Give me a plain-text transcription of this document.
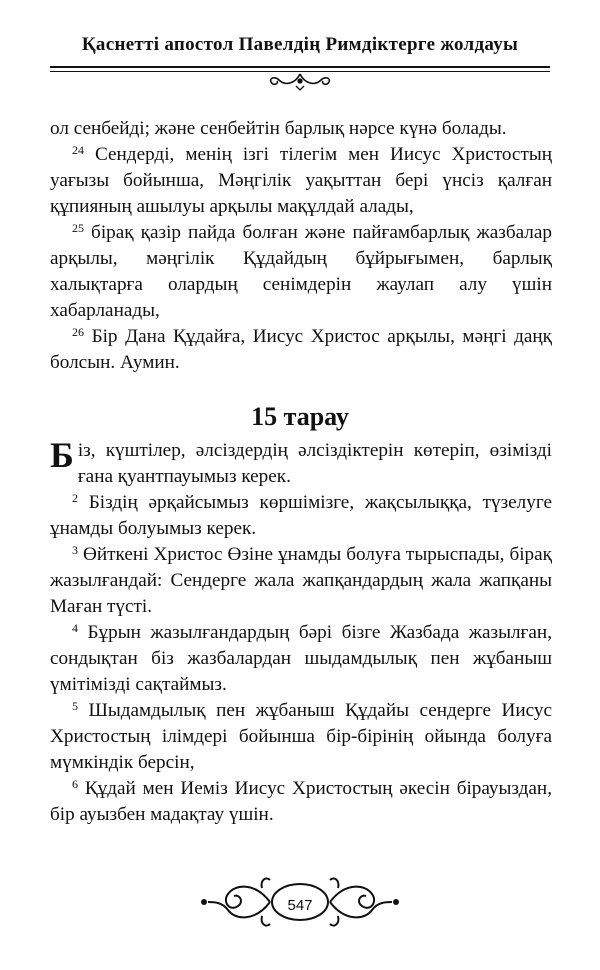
Қаснетті апостол Павелдің Римдіктерге жолдауы

ол сенбейді; және сенбейтін барлық нәрсе күнә болады.

$^{24}$ Сендерді, менің ізгі тілегім мен Иисус Христостың уағызы бойынша, Мәңгілік уақыттан бері үнсіз қалған құпияның ашылуы арқылы мақұлдай алады,

$^{25}$ бірақ қазір пайда болған және пайғамбарлық жазбалар арқылы, мәңгілік Құдайдың бұйрығымен, барлық халықтарға олардың сенімдерін жаулап алу үшін хабарланады,

$^{26}$ Бір Дана Құдайға, Иисус Христос арқылы, мәңгі даңқ болсын. Аумин.

15 тарау

Біз, күштілер, әлсіздердің әлсіздіктерін көтеріп, өзімізді ғана қуантпауымыз керек.

$^2$ Біздің әрқайсымыз көршімізге, жақсылыққа, түзелуге ұнамды болуымыз керек.

$^3$ Өйткені Христос Өзіне ұнамды болуға тырыспады, бірақ жазылғандай: Сендерге жала жапқандардың жала жапқаны Маған түсті.

$^4$ Бұрын жазылғандардың бәрі бізге Жазбада жазылған, сондықтан біз жазбалардан шыдамдылық пен жұбаныш үмітімізді сақтаймыз.

$^5$ Шыдамдылық пен жұбаныш Құдайы сендерге Иисус Христостың ілімдері бойынша бір-бірінің ойында болуға мүмкіндік берсін,

$^6$ Құдай мен Иеміз Иисус Христостың әкесін бірауыздан, бір ауызбен мадақтау үшін.

547
